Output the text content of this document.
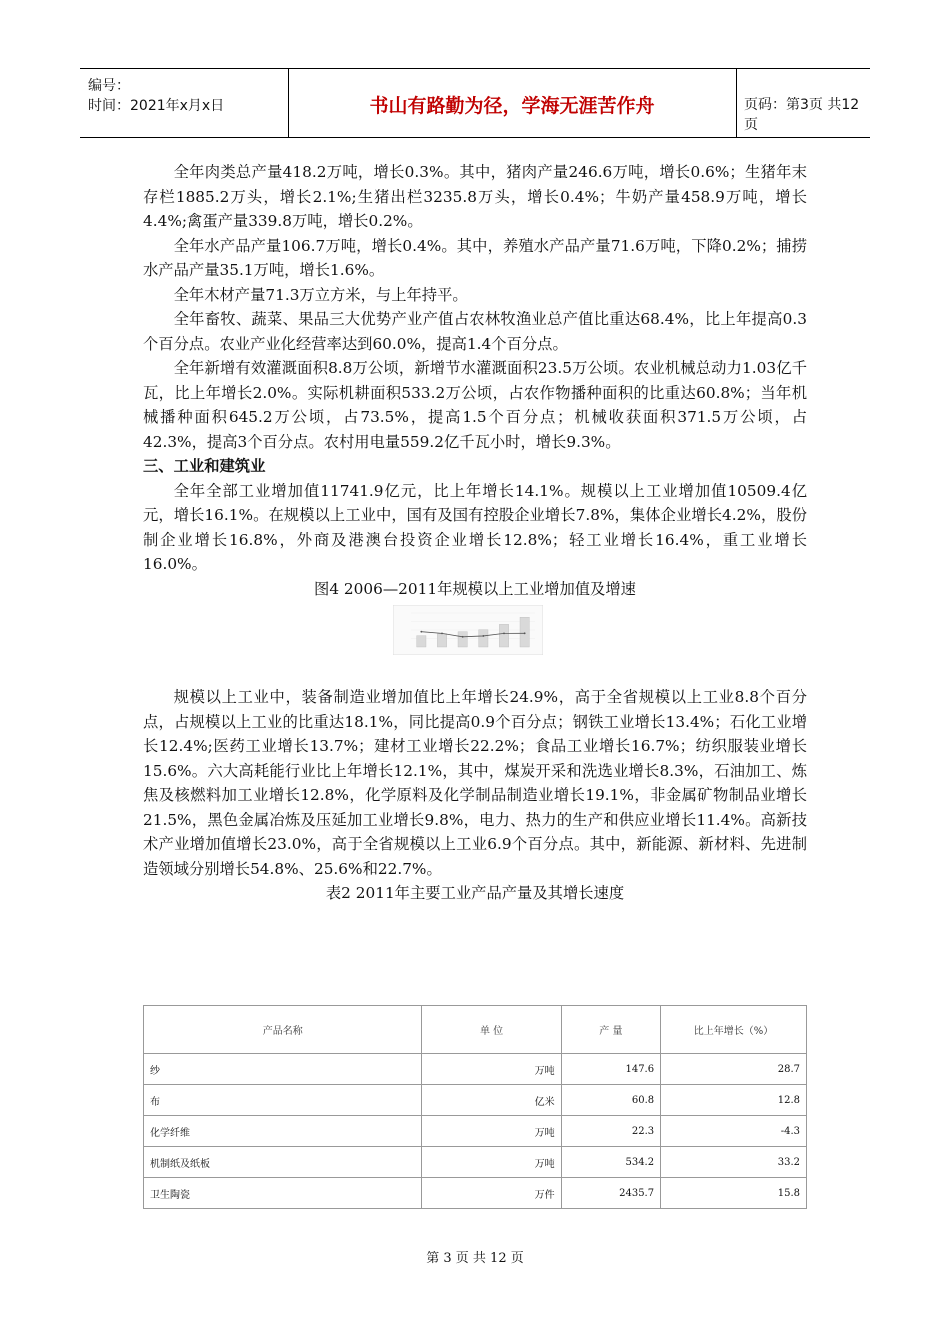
编号：
时间：2021年x月x日	书山有路勤为径，学海无涯苦作舟	页码：第3页 共12页

全年肉类总产量418.2万吨，增长0.3%。其中，猪肉产量246.6万吨，增长0.6%；生猪年末存栏1885.2万头，增长2.1%;生猪出栏3235.8万头，增长0.4%；牛奶产量458.9万吨，增长4.4%;禽蛋产量339.8万吨，增长0.2%。

全年水产品产量106.7万吨，增长0.4%。其中，养殖水产品产量71.6万吨，下降0.2%；捕捞水产品产量35.1万吨，增长1.6%。

全年木材产量71.3万立方米，与上年持平。

全年畜牧、蔬菜、果品三大优势产业产值占农林牧渔业总产值比重达68.4%，比上年提高0.3个百分点。农业产业化经营率达到60.0%，提高1.4个百分点。

全年新增有效灌溉面积8.8万公顷，新增节水灌溉面积23.5万公顷。农业机械总动力1.03亿千瓦，比上年增长2.0%。实际机耕面积533.2万公顷，占农作物播种面积的比重达60.8%；当年机械播种面积645.2万公顷，占73.5%，提高1.5个百分点；机械收获面积371.5万公顷，占42.3%，提高3个百分点。农村用电量559.2亿千瓦小时，增长9.3%。

三、工业和建筑业

全年全部工业增加值11741.9亿元，比上年增长14.1%。规模以上工业增加值10509.4亿元，增长16.1%。在规模以上工业中，国有及国有控股企业增长7.8%，集体企业增长4.2%，股份制企业增长16.8%，外商及港澳台投资企业增长12.8%；轻工业增长16.4%，重工业增长16.0%。

图4 2006—2011年规模以上工业增加值及增速

规模以上工业中，装备制造业增加值比上年增长24.9%，高于全省规模以上工业8.8个百分点，占规模以上工业的比重达18.1%，同比提高0.9个百分点；钢铁工业增长13.4%；石化工业增长12.4%;医药工业增长13.7%；建材工业增长22.2%；食品工业增长16.7%；纺织服装业增长15.6%。六大高耗能行业比上年增长12.1%，其中，煤炭开采和洗选业增长8.3%，石油加工、炼焦及核燃料加工业增长12.8%，化学原料及化学制品制造业增长19.1%，非金属矿物制品业增长21.5%，黑色金属冶炼及压延加工业增长9.8%，电力、热力的生产和供应业增长11.4%。高新技术产业增加值增长23.0%，高于全省规模以上工业6.9个百分点。其中，新能源、新材料、先进制造领域分别增长54.8%、25.6%和22.7%。

表2 2011年主要工业产品产量及其增长速度

产品名称	单 位	产 量	比上年增长（%）
纱	万吨	147.6	28.7
布	亿米	60.8	12.8
化学纤维	万吨	22.3	-4.3
机制纸及纸板	万吨	534.2	33.2
卫生陶瓷	万件	2435.7	15.8
第 3 页 共 12 页
